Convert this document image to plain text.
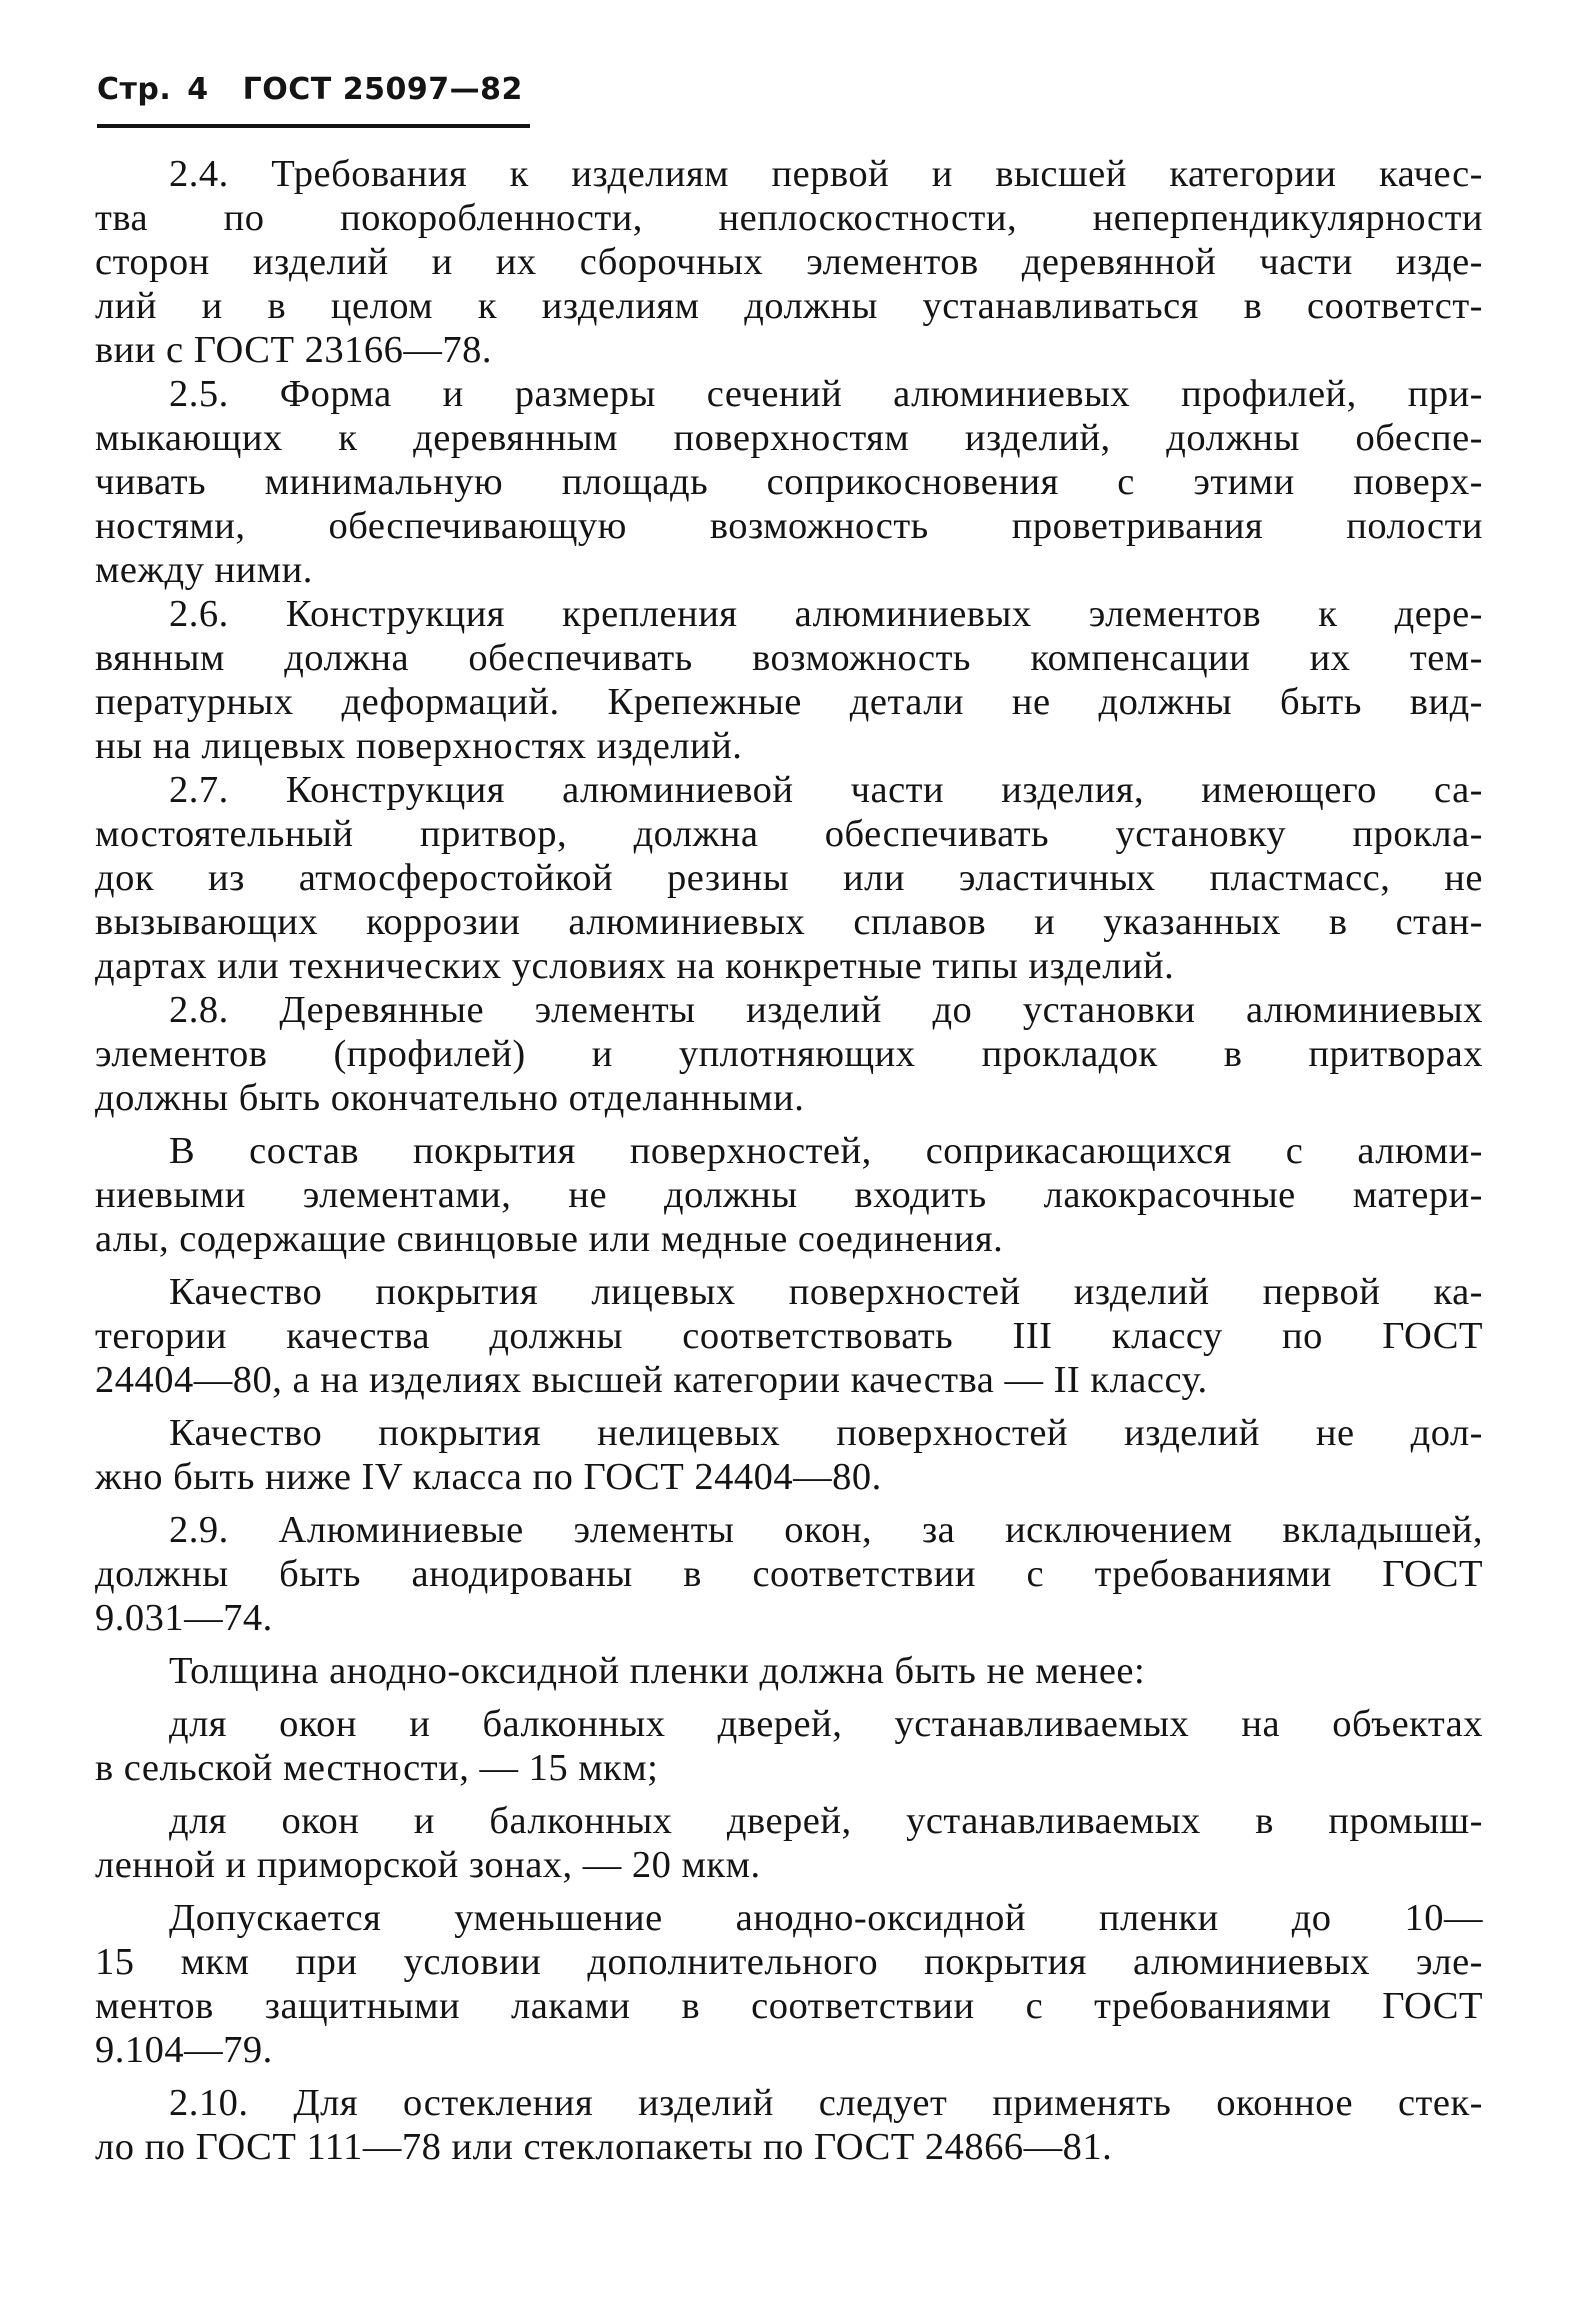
Стр. 4 ГОСТ 25097—82
2.4. Требования к изделиям первой и высшей категории качес-
тва по покоробленности, неплоскостности, неперпендикулярности
сторон изделий и их сборочных элементов деревянной части изде-
лий и в целом к изделиям должны устанавливаться в соответст-
вии с ГОСТ 23166—78.
2.5. Форма и размеры сечений алюминиевых профилей, при-
мыкающих к деревянным поверхностям изделий, должны обеспе-
чивать минимальную площадь соприкосновения с этими поверх-
ностями, обеспечивающую возможность проветривания полости
между ними.
2.6. Конструкция крепления алюминиевых элементов к дере-
вянным должна обеспечивать возможность компенсации их тем-
пературных деформаций. Крепежные детали не должны быть вид-
ны на лицевых поверхностях изделий.
2.7. Конструкция алюминиевой части изделия, имеющего са-
мостоятельный притвор, должна обеспечивать установку прокла-
док из атмосферостойкой резины или эластичных пластмасс, не
вызывающих коррозии алюминиевых сплавов и указанных в стан-
дартах или технических условиях на конкретные типы изделий.
2.8. Деревянные элементы изделий до установки алюминиевых
элементов (профилей) и уплотняющих прокладок в притворах
должны быть окончательно отделанными.
В состав покрытия поверхностей, соприкасающихся с алюми-
ниевыми элементами, не должны входить лакокрасочные матери-
алы, содержащие свинцовые или медные соединения.
Качество покрытия лицевых поверхностей изделий первой ка-
тегории качества должны соответствовать III классу по ГОСТ
24404—80, а на изделиях высшей категории качества — II классу.
Качество покрытия нелицевых поверхностей изделий не дол-
жно быть ниже IV класса по ГОСТ 24404—80.
2.9. Алюминиевые элементы окон, за исключением вкладышей,
должны быть анодированы в соответствии с требованиями ГОСТ
9.031—74.
Толщина анодно-оксидной пленки должна быть не менее:
для окон и балконных дверей, устанавливаемых на объектах
в сельской местности, — 15 мкм;
для окон и балконных дверей, устанавливаемых в промыш-
ленной и приморской зонах, — 20 мкм.
Допускается уменьшение анодно-оксидной пленки до 10—
15 мкм при условии дополнительного покрытия алюминиевых эле-
ментов защитными лаками в соответствии с требованиями ГОСТ
9.104—79.
2.10. Для остекления изделий следует применять оконное стек-
ло по ГОСТ 111—78 или стеклопакеты по ГОСТ 24866—81.
